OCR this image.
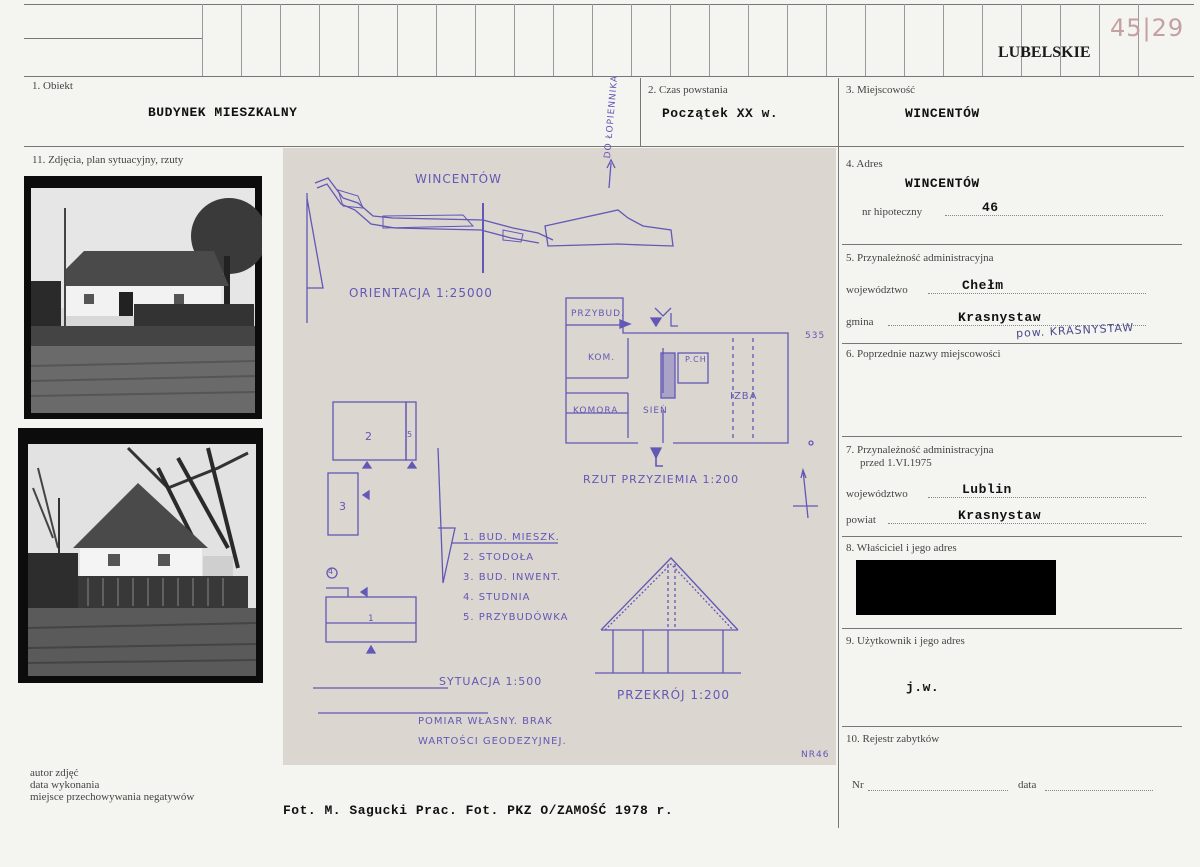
LUBELSKIE
45|29
1. Obiekt
BUDYNEK MIESZKALNY
2. Czas powstania
Początek XX w.
3. Miejscowość
WINCENTÓW
11. Zdjęcia, plan sytuacyjny, rzuty
autor zdjęć
data wykonania
miejsce przechowywania negatywów
Fot. M. Sagucki Prac. Fot. PKZ O/ZAMOŚĆ 1978 r.
WINCENTÓW
DO ŁOPIENNIKA
ORIENTACJA 1:25000
PRZYBUD.
KOM.
KOMORA	SIEŃ
IZBA
P.CH
535
RZUT PRZYZIEMIA 1:200
2	5
3
1
4
1. BUD. MIESZK.
2. STODOŁA
3. BUD. INWENT.
4. STUDNIA
5. PRZYBUDÓWKA
SYTUACJA 1:500
PRZEKRÓJ 1:200
POMIAR WŁASNY. BRAK
WARTOŚCI GEODEZYJNEJ.
NR46
4. Adres
WINCENTÓW
nr hipoteczny	46
5. Przynależność administracyjna
województwo	Chełm
gmina	Krasnystaw
pow. KRASNYSTAW
6. Poprzednie nazwy miejscowości
7. Przynależność administracyjna
przed 1.VI.1975
województwo	Lublin
powiat	Krasnystaw
8. Właściciel i jego adres
9. Użytkownik i jego adres
j.w.
10. Rejestr zabytków
Nr	data
